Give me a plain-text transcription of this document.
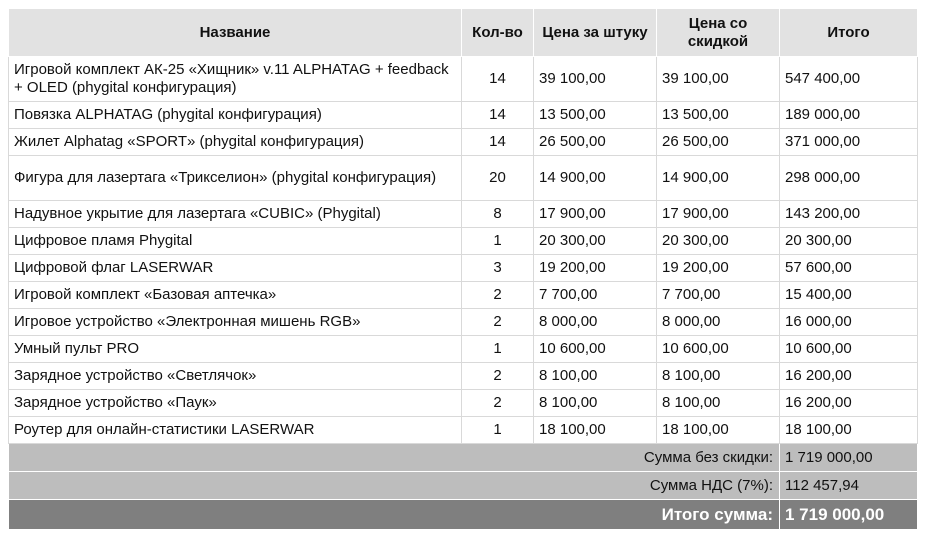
Название	Кол-во	Цена за штуку	Цена со скидкой	Итого
Игровой комплект АК-25 «Хищник» v.11 ALPHATAG + feedback + OLED (phygital конфигурация)	14	39 100,00	39 100,00	547 400,00
Повязка ALPHATAG (phygital конфигурация)	14	13 500,00	13 500,00	189 000,00
Жилет Alphatag «SPORT» (phygital конфигурация)	14	26 500,00	26 500,00	371 000,00
Фигура для лазертага «Трикселион» (phygital конфигурация)	20	14 900,00	14 900,00	298 000,00
Надувное укрытие для лазертага «CUBIC» (Phygital)	8	17 900,00	17 900,00	143 200,00
Цифровое пламя Phygital	1	20 300,00	20 300,00	20 300,00
Цифровой флаг LASERWAR	3	19 200,00	19 200,00	57 600,00
Игровой комплект «Базовая аптечка»	2	7 700,00	7 700,00	15 400,00
Игровое устройство «Электронная мишень RGB»	2	8 000,00	8 000,00	16 000,00
Умный пульт PRO	1	10 600,00	10 600,00	10 600,00
Зарядное устройство «Светлячок»	2	8 100,00	8 100,00	16 200,00
Зарядное устройство «Паук»	2	8 100,00	8 100,00	16 200,00
Роутер для онлайн-статистики LASERWAR	1	18 100,00	18 100,00	18 100,00
Сумма без скидки:				1 719 000,00
Сумма НДС (7%):				112 457,94
Итого сумма:				1 719 000,00
